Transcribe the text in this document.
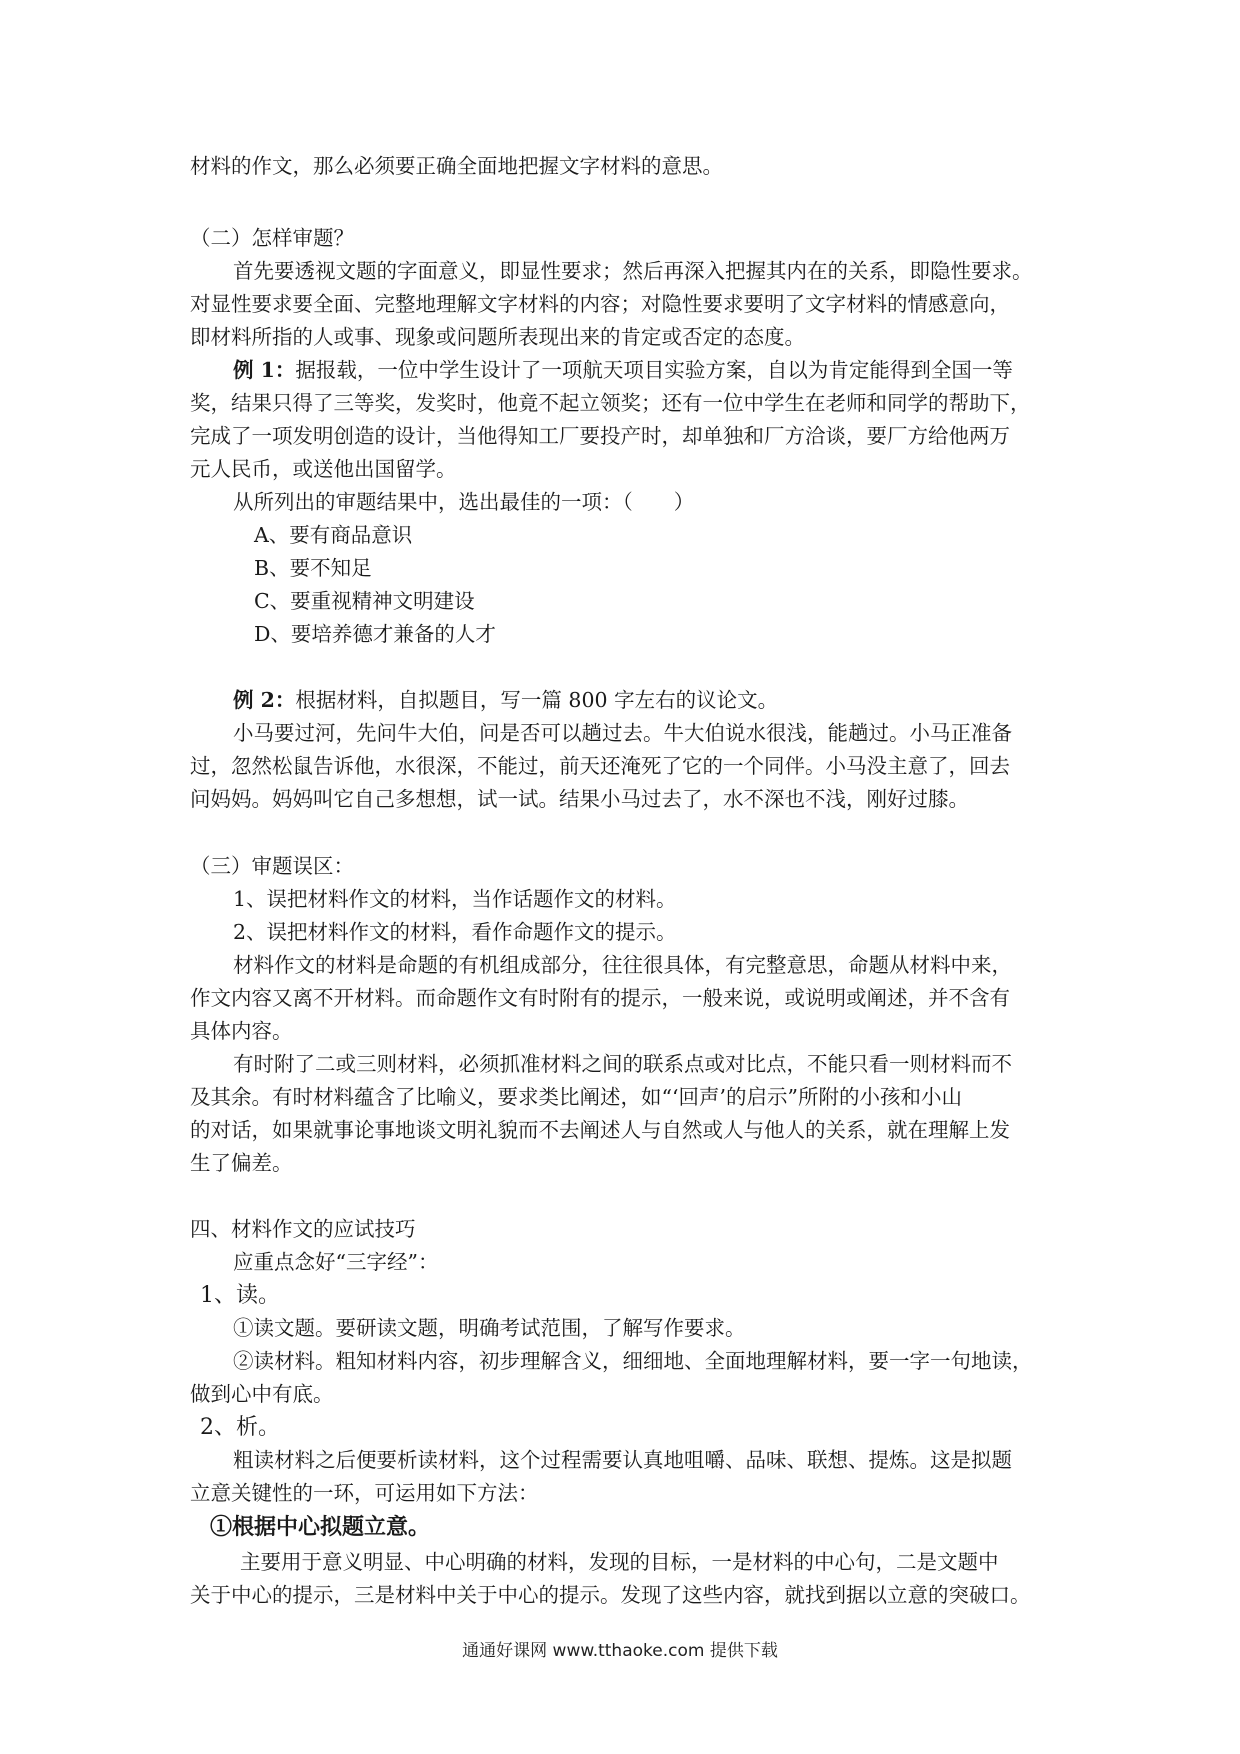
材料的作文，那么必须要正确全面地把握文字材料的意思。

（二）怎样审题？

首先要透视文题的字面意义，即显性要求；然后再深入把握其内在的关系，即隐性要求。

对显性要求要全面、完整地理解文字材料的内容；对隐性要求要明了文字材料的情感意向，

即材料所指的人或事、现象或问题所表现出来的肯定或否定的态度。

例 1：据报载，一位中学生设计了一项航天项目实验方案，自以为肯定能得到全国一等

奖，结果只得了三等奖，发奖时，他竟不起立领奖；还有一位中学生在老师和同学的帮助下，

完成了一项发明创造的设计，当他得知工厂要投产时，却单独和厂方洽谈，要厂方给他两万

元人民币，或送他出国留学。

从所列出的审题结果中，选出最佳的一项：（　　）

A、要有商品意识

B、要不知足

C、要重视精神文明建设

D、要培养德才兼备的人才

例 2：根据材料，自拟题目，写一篇 800 字左右的议论文。

小马要过河，先问牛大伯，问是否可以趟过去。牛大伯说水很浅，能趟过。小马正准备

过，忽然松鼠告诉他，水很深，不能过，前天还淹死了它的一个同伴。小马没主意了，回去

问妈妈。妈妈叫它自己多想想，试一试。结果小马过去了，水不深也不浅，刚好过膝。

（三）审题误区：

1、误把材料作文的材料，当作话题作文的材料。

2、误把材料作文的材料，看作命题作文的提示。

材料作文的材料是命题的有机组成部分，往往很具体，有完整意思，命题从材料中来，

作文内容又离不开材料。而命题作文有时附有的提示，一般来说，或说明或阐述，并不含有

具体内容。

有时附了二或三则材料，必须抓准材料之间的联系点或对比点，不能只看一则材料而不

及其余。有时材料蕴含了比喻义，要求类比阐述，如“‘回声’的启示”所附的小孩和小山

的对话，如果就事论事地谈文明礼貌而不去阐述人与自然或人与他人的关系，就在理解上发

生了偏差。

四、材料作文的应试技巧

应重点念好“三字经”：

1、读。

①读文题。要研读文题，明确考试范围，了解写作要求。

②读材料。粗知材料内容，初步理解含义，细细地、全面地理解材料，要一字一句地读，

做到心中有底。

2、析。

粗读材料之后便要析读材料，这个过程需要认真地咀嚼、品味、联想、提炼。这是拟题

立意关键性的一环，可运用如下方法：

①根据中心拟题立意。

主要用于意义明显、中心明确的材料，发现的目标，一是材料的中心句，二是文题中

关于中心的提示，三是材料中关于中心的提示。发现了这些内容，就找到据以立意的突破口。

通通好课网 www.tthaoke.com 提供下载
